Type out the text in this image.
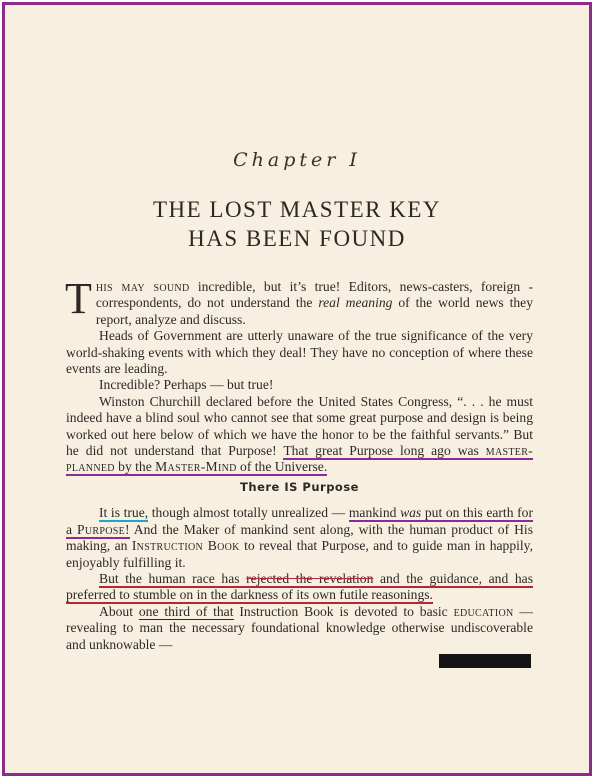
Chapter I
THE LOST MASTER KEY
HAS BEEN FOUND

This may sound incredible, but it’s true! Editors, news-casters, foreign - correspondents, do not understand the real meaning of the world news they report, analyze and discuss.

Heads of Government are utterly unaware of the true significance of the very world-shaking events with which they deal! They have no conception of where these events are leading.

Incredible? Perhaps — but true!

Winston Churchill declared before the United States Congress, “. . . he must indeed have a blind soul who cannot see that some great purpose and design is being worked out here below of which we have the honor to be the faithful servants.” But he did not understand that Purpose! That great Purpose long ago was master-planned by the Master-Mind of the Universe.

There IS Purpose

It is true, though almost totally unrealized — mankind was put on this earth for a Purpose! And the Maker of mankind sent along, with the human product of His making, an Instruction Book to reveal that Purpose, and to guide man in happily, enjoyably fulfilling it.

But the human race has rejected the revelation and the guidance, and has preferred to stumble on in the darkness of its own futile reasonings.

About one third of that Instruction Book is devoted to basic education — revealing to man the necessary foundational knowledge otherwise undiscoverable and unknowable —
